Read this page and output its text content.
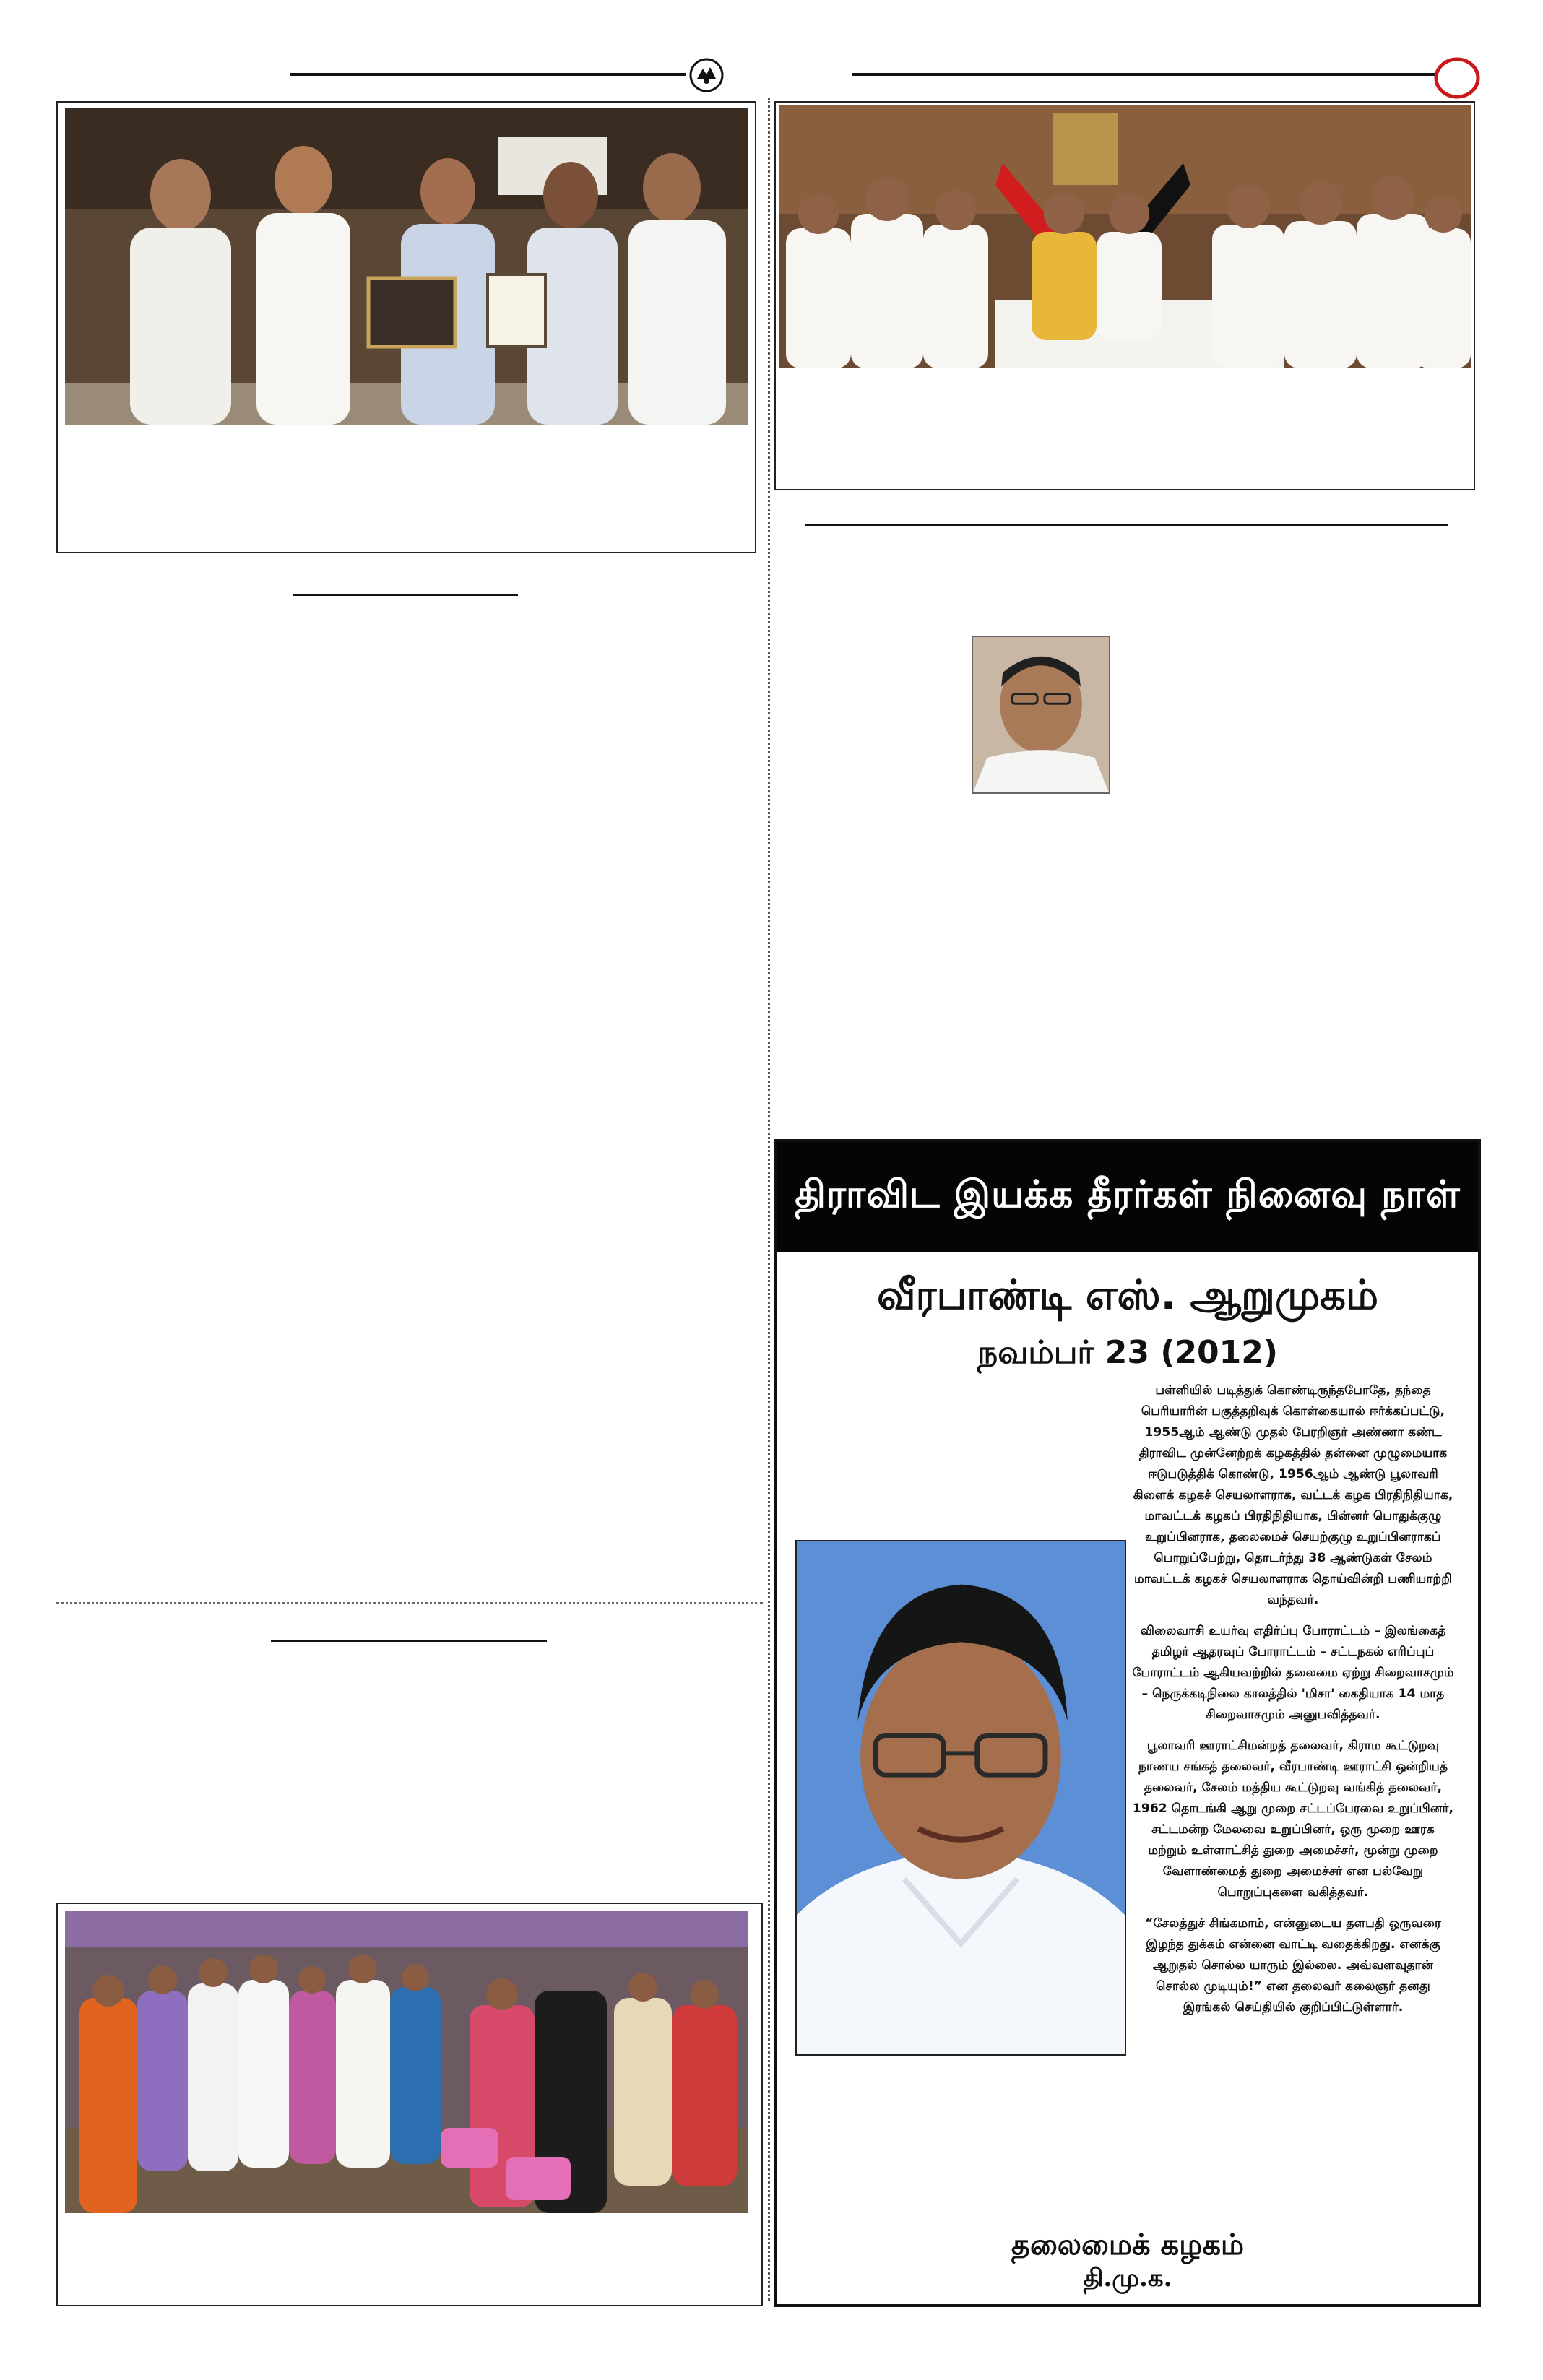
திராவிட இயக்க தீரர்கள் நினைவு நாள்
வீரபாண்டி எஸ். ஆறுமுகம்
நவம்பர் 23 (2012)

பள்ளியில் படித்துக் கொண்டிருந்தபோதே, தந்தை பெரியாரின் பகுத்தறிவுக் கொள்கையால் ஈர்க்கப்பட்டு, 1955ஆம் ஆண்டு முதல் பேரறிஞர் அண்ணா கண்ட திராவிட முன்னேற்றக் கழகத்தில் தன்னை முழுமையாக ஈடுபடுத்திக் கொண்டு, 1956ஆம் ஆண்டு பூலாவரி கிளைக் கழகச் செயலாளராக, வட்டக் கழக பிரதிநிதியாக, மாவட்டக் கழகப் பிரதிநிதியாக, பின்னர் பொதுக்குழு உறுப்பினராக, தலைமைச் செயற்குழு உறுப்பினராகப் பொறுப்பேற்று, தொடர்ந்து 38 ஆண்டுகள் சேலம் மாவட்டக் கழகச் செயலாளராக தொய்வின்றி பணியாற்றி வந்தவர்.

விலைவாசி உயர்வு எதிர்ப்பு போராட்டம் – இலங்கைத் தமிழர் ஆதரவுப் போராட்டம் – சட்டநகல் எரிப்புப் போராட்டம் ஆகியவற்றில் தலைமை ஏற்று சிறைவாசமும் – நெருக்கடிநிலை காலத்தில் 'மிசா' கைதியாக 14 மாத சிறைவாசமும் அனுபவித்தவர்.

பூலாவரி ஊராட்சிமன்றத் தலைவர், கிராம கூட்டுறவு நாணய சங்கத் தலைவர், வீரபாண்டி ஊராட்சி ஒன்றியத் தலைவர், சேலம் மத்திய கூட்டுறவு வங்கித் தலைவர், 1962 தொடங்கி ஆறு முறை சட்டப்பேரவை உறுப்பினர், சட்டமன்ற மேலவை உறுப்பினர், ஒரு முறை ஊரக மற்றும் உள்ளாட்சித் துறை அமைச்சர், மூன்று முறை வேளாண்மைத் துறை அமைச்சர் என பல்வேறு பொறுப்புகளை வகித்தவர்.

“சேலத்துச் சிங்கமாம், என்னுடைய தளபதி ஒருவரை இழந்த துக்கம் என்னை வாட்டி வதைக்கிறது. எனக்கு ஆறுதல் சொல்ல யாரும் இல்லை. அவ்வளவுதான் சொல்ல முடியும்!” என தலைவர் கலைஞர் தனது இரங்கல் செய்தியில் குறிப்பிட்டுள்ளார்.

தலைமைக் கழகம்
தி.மு.க.
